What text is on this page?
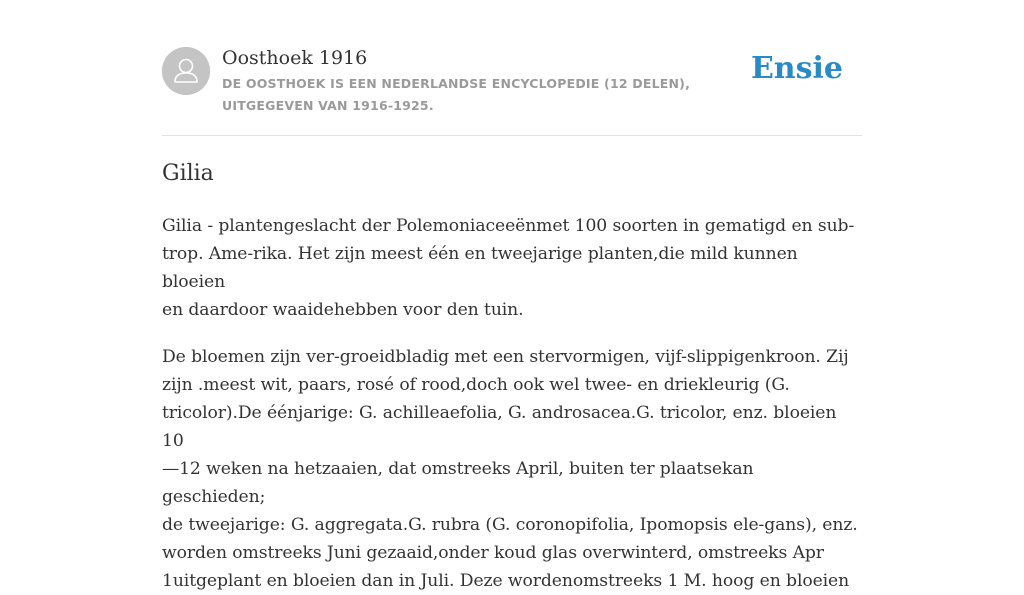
Oosthoek 1916
DE OOSTHOEK IS EEN NEDERLANDSE ENCYCLOPEDIE (12 DELEN), UITGEGEVEN VAN 1916-1925.
Ensie
Gilia

Gilia - plantengeslacht der Polemoniaceeënmet 100 soorten in gematigd en sub-
trop. Ame-rika. Het zijn meest één en tweejarige planten,die mild kunnen bloeien
en daardoor waaidehebben voor den tuin.

De bloemen zijn ver-groeidbladig met een stervormigen, vijf-slippigenkroon. Zij
zijn .meest wit, paars, rosé of rood,doch ook wel twee- en driekleurig (G.
tricolor).De éénjarige: G. achilleaefolia, G. androsacea.G. tricolor, enz. bloeien 10
—12 weken na hetzaaien, dat omstreeks April, buiten ter plaatsekan geschieden;
de tweejarige: G. aggregata.G. rubra (G. coronopifolia, Ipomopsis ele-gans), enz.
worden omstreeks Juni gezaaid,onder koud glas overwinterd, omstreeks Apr
1uitgeplant en bloeien dan in Juli. Deze wordenomstreeks 1 M. hoog en bloeien
